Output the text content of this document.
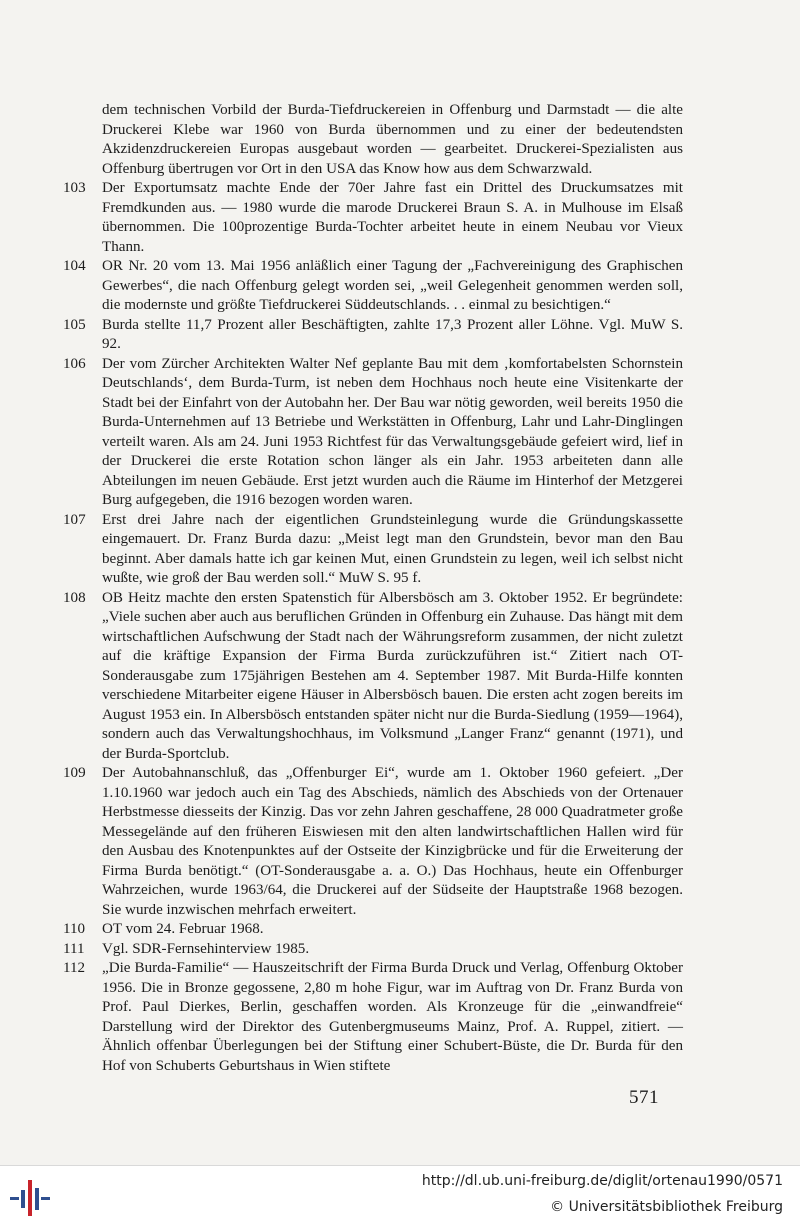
dem technischen Vorbild der Burda-Tiefdruckereien in Offenburg und Darmstadt — die alte Druckerei Klebe war 1960 von Burda übernommen und zu einer der bedeutendsten Akzidenzdruckereien Europas ausgebaut worden — gearbeitet. Druckerei-Spezialisten aus Offenburg übertrugen vor Ort in den USA das Know how aus dem Schwarzwald.
103	Der Exportumsatz machte Ende der 70er Jahre fast ein Drittel des Druckumsatzes mit Fremdkunden aus. — 1980 wurde die marode Druckerei Braun S. A. in Mulhouse im Elsaß übernommen. Die 100prozentige Burda-Tochter arbeitet heute in einem Neubau vor Vieux Thann.
104	OR Nr. 20 vom 13. Mai 1956 anläßlich einer Tagung der „Fachvereinigung des Graphischen Gewerbes“, die nach Offenburg gelegt worden sei, „weil Gelegenheit genommen werden soll, die modernste und größte Tiefdruckerei Süddeutschlands. . . einmal zu besichtigen.“
105	Burda stellte 11,7 Prozent aller Beschäftigten, zahlte 17,3 Prozent aller Löhne. Vgl. MuW S. 92.
106	Der vom Zürcher Architekten Walter Nef geplante Bau mit dem ‚komfortabelsten Schornstein Deutschlands‘, dem Burda-Turm, ist neben dem Hochhaus noch heute eine Visitenkarte der Stadt bei der Einfahrt von der Autobahn her. Der Bau war nötig geworden, weil bereits 1950 die Burda-Unternehmen auf 13 Betriebe und Werkstätten in Offenburg, Lahr und Lahr-Dinglingen verteilt waren. Als am 24. Juni 1953 Richtfest für das Verwaltungsgebäude gefeiert wird, lief in der Druckerei die erste Rotation schon länger als ein Jahr. 1953 arbeiteten dann alle Abteilungen im neuen Gebäude. Erst jetzt wurden auch die Räume im Hinterhof der Metzgerei Burg aufgegeben, die 1916 bezogen worden waren.
107	Erst drei Jahre nach der eigentlichen Grundsteinlegung wurde die Gründungskassette eingemauert. Dr. Franz Burda dazu: „Meist legt man den Grundstein, bevor man den Bau beginnt. Aber damals hatte ich gar keinen Mut, einen Grundstein zu legen, weil ich selbst nicht wußte, wie groß der Bau werden soll.“ MuW S. 95 f.
108	OB Heitz machte den ersten Spatenstich für Albersbösch am 3. Oktober 1952. Er begründete: „Viele suchen aber auch aus beruflichen Gründen in Offenburg ein Zuhause. Das hängt mit dem wirtschaftlichen Aufschwung der Stadt nach der Währungsreform zusammen, der nicht zuletzt auf die kräftige Expansion der Firma Burda zurückzuführen ist.“ Zitiert nach OT-Sonderausgabe zum 175jährigen Bestehen am 4. September 1987. Mit Burda-Hilfe konnten verschiedene Mitarbeiter eigene Häuser in Albersbösch bauen. Die ersten acht zogen bereits im August 1953 ein. In Albersbösch entstanden später nicht nur die Burda-Siedlung (1959—1964), sondern auch das Verwaltungshochhaus, im Volksmund „Langer Franz“ genannt (1971), und der Burda-Sportclub.
109	Der Autobahnanschluß, das „Offenburger Ei“, wurde am 1. Oktober 1960 gefeiert. „Der 1.10.1960 war jedoch auch ein Tag des Abschieds, nämlich des Abschieds von der Ortenauer Herbstmesse diesseits der Kinzig. Das vor zehn Jahren geschaffene, 28 000 Quadratmeter große Messegelände auf den früheren Eiswiesen mit den alten landwirtschaftlichen Hallen wird für den Ausbau des Knotenpunktes auf der Ostseite der Kinzigbrücke und für die Erweiterung der Firma Burda benötigt.“ (OT-Sonderausgabe a. a. O.) Das Hochhaus, heute ein Offenburger Wahrzeichen, wurde 1963/64, die Druckerei auf der Südseite der Hauptstraße 1968 bezogen. Sie wurde inzwischen mehrfach erweitert.
110	OT vom 24. Februar 1968.
111	Vgl. SDR-Fernsehinterview 1985.
112	„Die Burda-Familie“ — Hauszeitschrift der Firma Burda Druck und Verlag, Offenburg Oktober 1956. Die in Bronze gegossene, 2,80 m hohe Figur, war im Auftrag von Dr. Franz Burda von Prof. Paul Dierkes, Berlin, geschaffen worden. Als Kronzeuge für die „einwandfreie“ Darstellung wird der Direktor des Gutenbergmuseums Mainz, Prof. A. Ruppel, zitiert. — Ähnlich offenbar Überlegungen bei der Stiftung einer Schubert-Büste, die Dr. Burda für den Hof von Schuberts Geburtshaus in Wien stiftete
571
http://dl.ub.uni-freiburg.de/diglit/ortenau1990/0571
© Universitätsbibliothek Freiburg
